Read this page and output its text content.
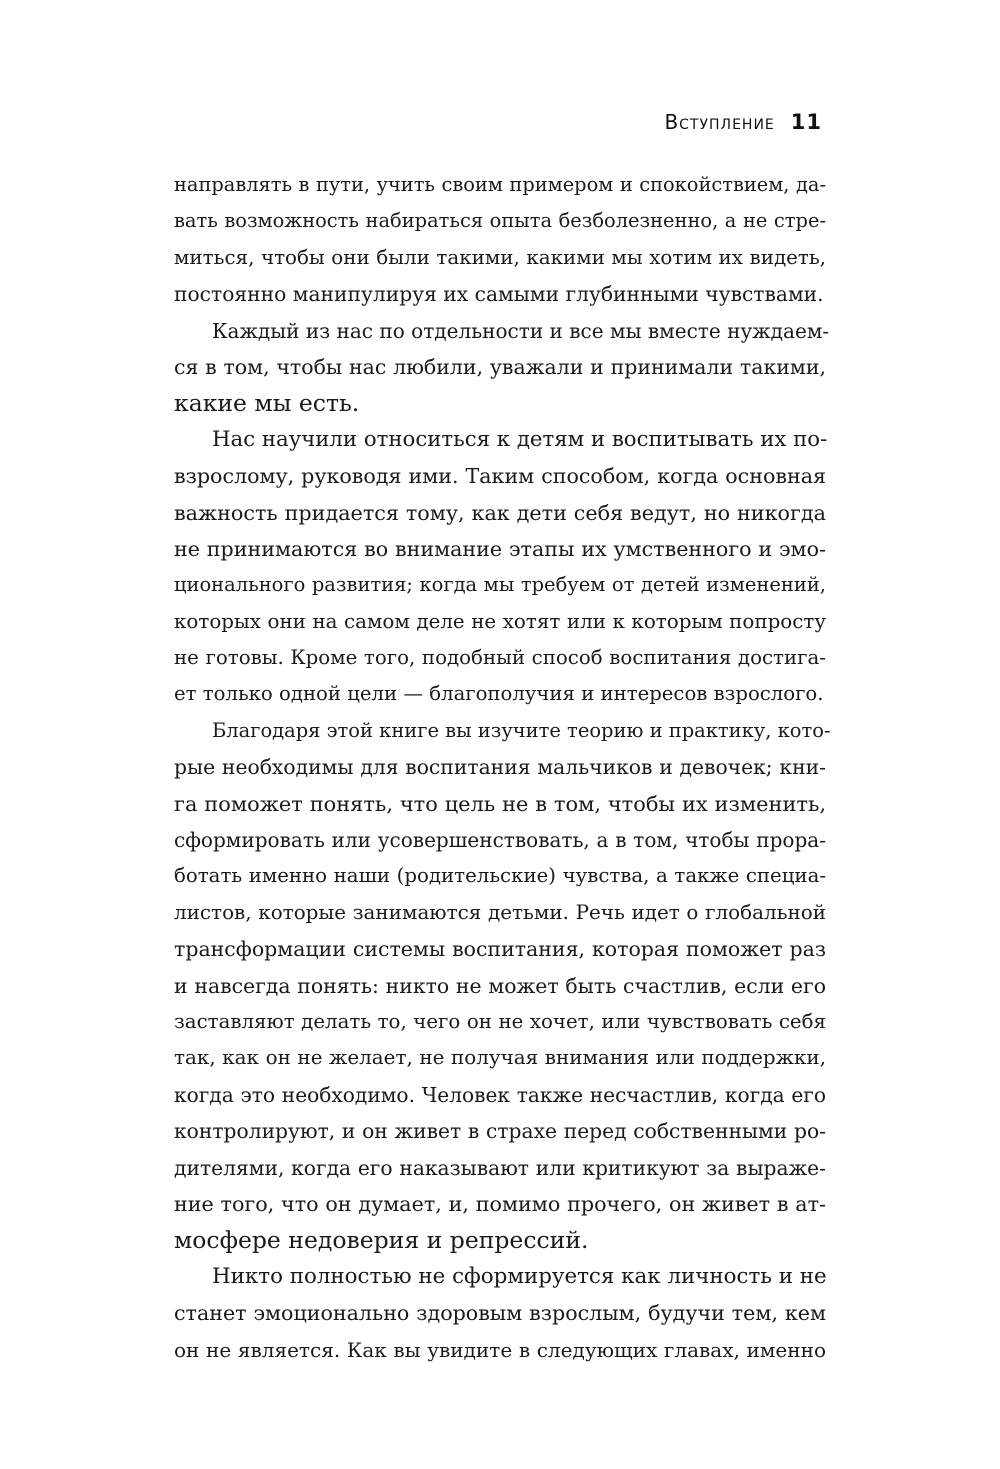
Вступление 11
направлять в пути, учить своим примером и спокойствием, да-
вать возможность набираться опыта безболезненно, а не стре-
миться, чтобы они были такими, какими мы хотим их видеть,
постоянно манипулируя их самыми глубинными чувствами.
Каждый из нас по отдельности и все мы вместе нуждаем-
ся в том, чтобы нас любили, уважали и принимали такими,
какие мы есть.
Нас научили относиться к детям и воспитывать их по-
взрослому, руководя ими. Таким способом, когда основная
важность придается тому, как дети себя ведут, но никогда
не принимаются во внимание этапы их умственного и эмо-
ционального развития; когда мы требуем от детей изменений,
которых они на самом деле не хотят или к которым попросту
не готовы. Кроме того, подобный способ воспитания достига-
ет только одной цели — благополучия и интересов взрослого.
Благодаря этой книге вы изучите теорию и практику, кото-
рые необходимы для воспитания мальчиков и девочек; кни-
га поможет понять, что цель не в том, чтобы их изменить,
сформировать или усовершенствовать, а в том, чтобы прора-
ботать именно наши (родительские) чувства, а также специа-
листов, которые занимаются детьми. Речь идет о глобальной
трансформации системы воспитания, которая поможет раз
и навсегда понять: никто не может быть счастлив, если его
заставляют делать то, чего он не хочет, или чувствовать себя
так, как он не желает, не получая внимания или поддержки,
когда это необходимо. Человек также несчастлив, когда его
контролируют, и он живет в страхе перед собственными ро-
дителями, когда его наказывают или критикуют за выраже-
ние того, что он думает, и, помимо прочего, он живет в ат-
мосфере недоверия и репрессий.
Никто полностью не сформируется как личность и не
станет эмоционально здоровым взрослым, будучи тем, кем
он не является. Как вы увидите в следующих главах, именно
